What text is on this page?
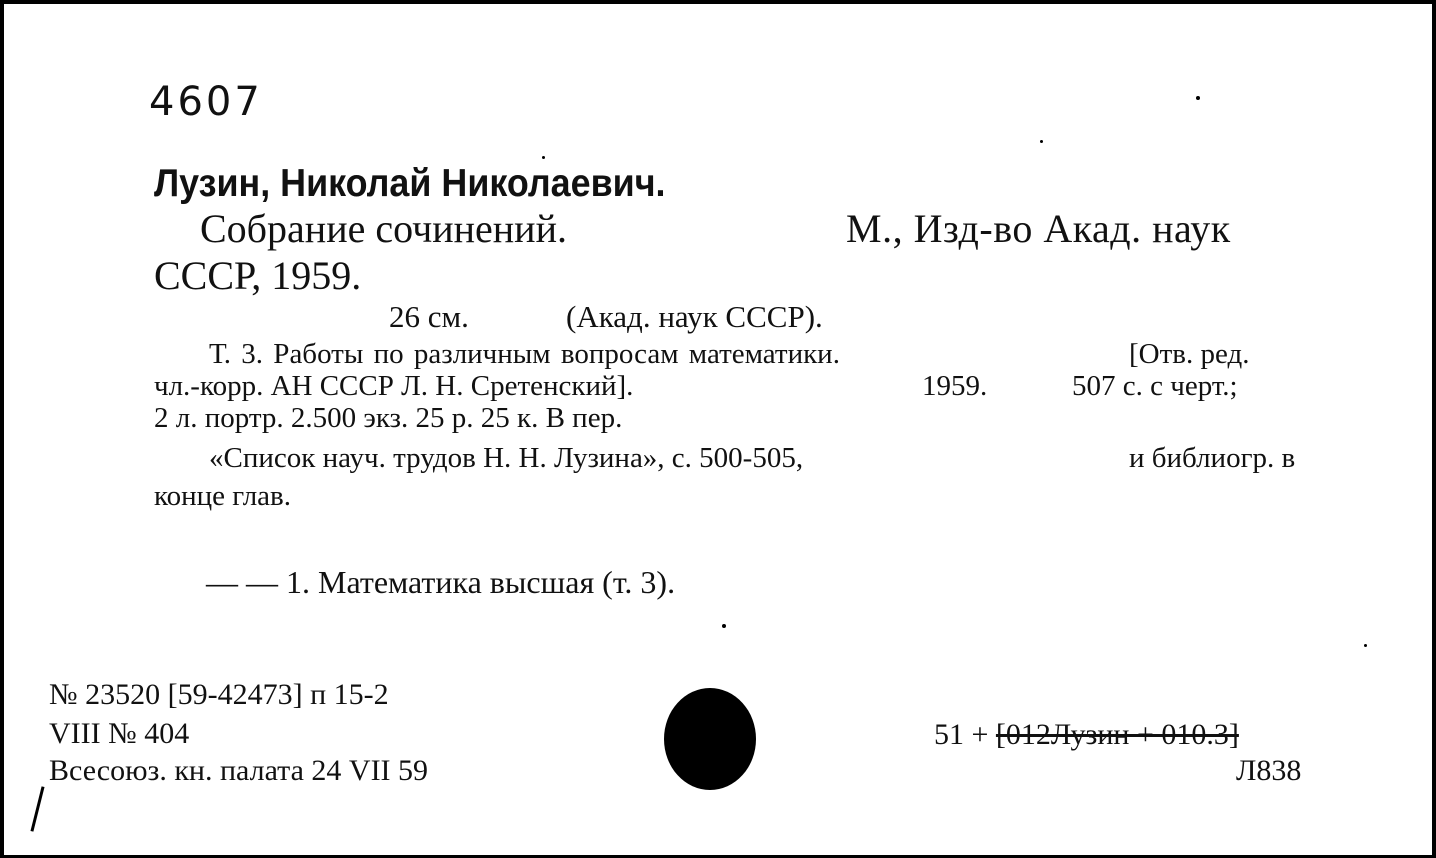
4607
Лузин, Николай Николаевич.
Собрание сочинений.	М., Изд-во Акад. наук
СССР, 1959.
26 см.	(Акад. наук СССР).
Т. 3. Работы по различным вопросам математики.	[Отв. ред.
чл.-корр. АН СССР Л. Н. Сретенский].	1959.	507 с. с черт.;
2 л. портр. 2.500 экз. 25 р. 25 к. В пер.
«Список науч. трудов Н. Н. Лузина», с. 500-505,	и библиогр. в
конце глав.
— — 1. Математика высшая (т. 3).
№ 23520 [59-42473] п 15-2
VIII № 404
Всесоюз. кн. палата 24 VII 59
51 + [012Лузин + 010.3]
Л838
